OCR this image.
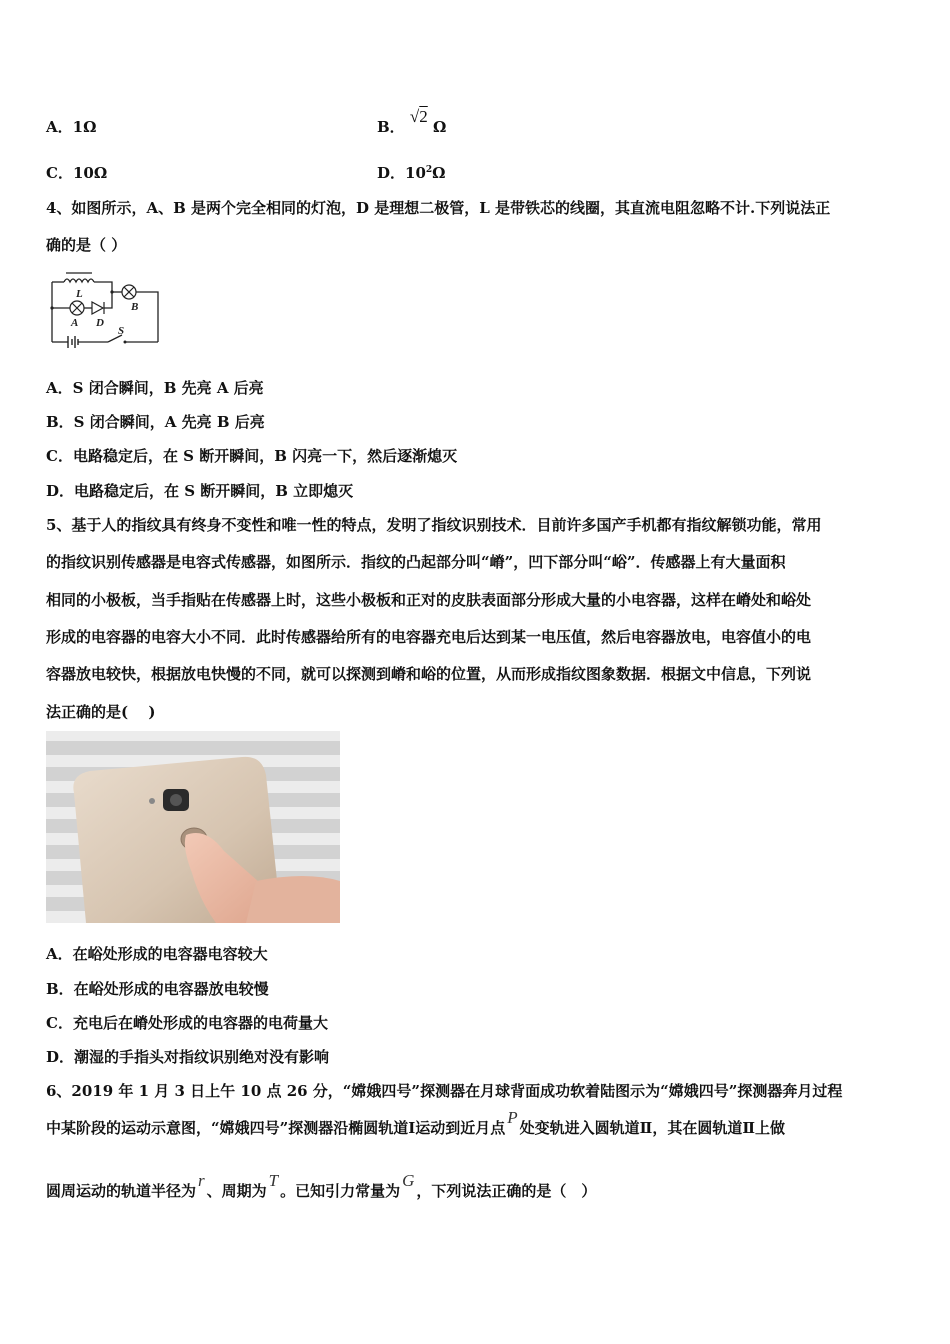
A．1Ω	B． √2 Ω
C．10Ω	D．$10^2\Omega$
4、如图所示，A、B 是两个完全相同的灯泡，D 是理想二极管，L 是带铁芯的线圈，其直流电阻忽略不计.下列说法正
确的是（ ）
L
A D
B
S
A．S 闭合瞬间，B 先亮 A 后亮
B．S 闭合瞬间，A 先亮 B 后亮
C．电路稳定后，在 S 断开瞬间，B 闪亮一下，然后逐渐熄灭
D．电路稳定后，在 S 断开瞬间，B 立即熄灭
5、基于人的指纹具有终身不变性和唯一性的特点，发明了指纹识别技术．目前许多国产手机都有指纹解锁功能，常用
的指纹识别传感器是电容式传感器，如图所示．指纹的凸起部分叫“嵴”，凹下部分叫“峪”．传感器上有大量面积
相同的小极板，当手指贴在传感器上时，这些小极板和正对的皮肤表面部分形成大量的小电容器，这样在嵴处和峪处
形成的电容器的电容大小不同．此时传感器给所有的电容器充电后达到某一电压值，然后电容器放电，电容值小的电
容器放电较快，根据放电快慢的不同，就可以探测到嵴和峪的位置，从而形成指纹图象数据．根据文中信息，下列说
法正确的是(　 )
A．在峪处形成的电容器电容较大
B．在峪处形成的电容器放电较慢
C．充电后在嵴处形成的电容器的电荷量大
D．潮湿的手指头对指纹识别绝对没有影响
6、2019 年 1 月 3 日上午 10 点 26 分，“嫦娥四号”探测器在月球背面成功软着陆图示为“嫦娥四号”探测器奔月过程
中某阶段的运动示意图，“嫦娥四号”探测器沿椭圆轨道Ⅰ运动到近月点P处变轨进入圆轨道Ⅱ，其在圆轨道Ⅱ上做
圆周运动的轨道半径为r、周期为T。已知引力常量为G，下列说法正确的是（　）
